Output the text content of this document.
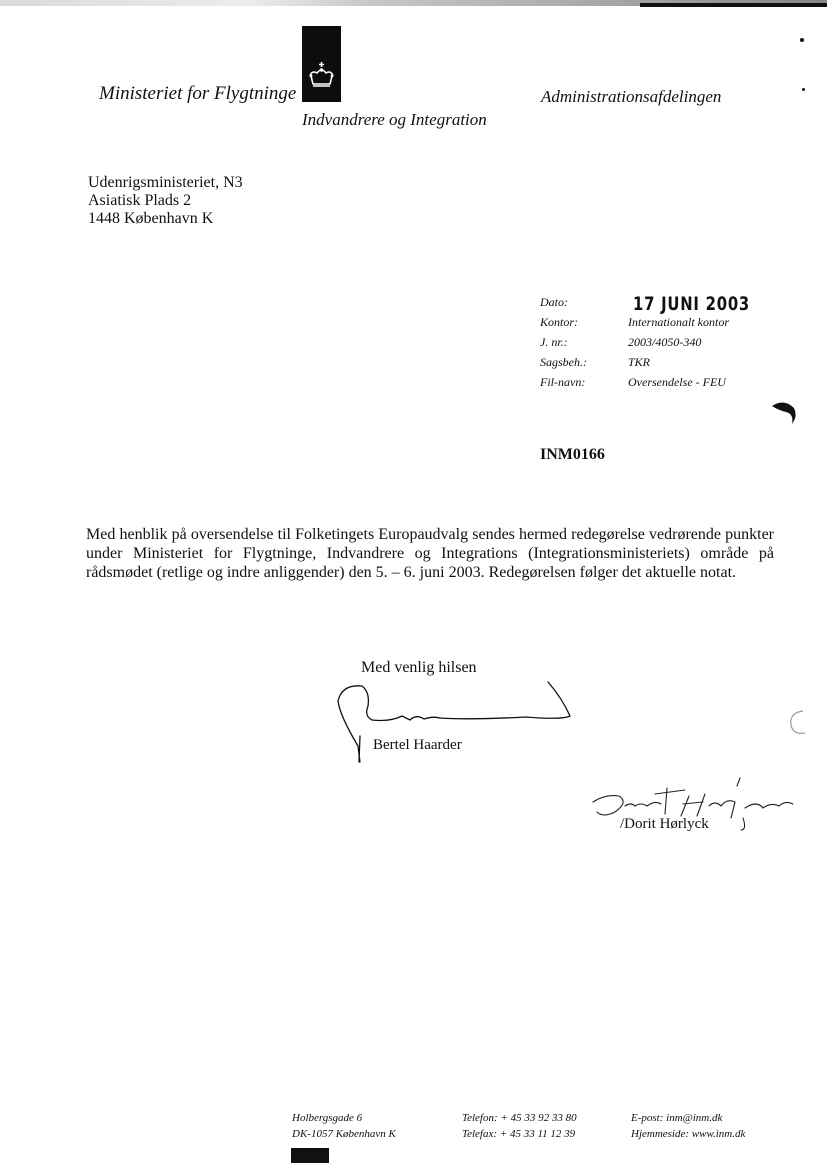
Ministeriet for Flygtninge
Indvandrere og Integration
Administrationsafdelingen
Udenrigsministeriet, N3
Asiatisk Plads 2
1448 København K
Dato:	17 JUNI 2003
Kontor:	Internationalt kontor
J. nr.:	2003/4050-340
Sagsbeh.:	TKR
Fil-navn:	Oversendelse - FEU
INM0166
Med henblik på oversendelse til Folketingets Europaudvalg sendes hermed redegørelse vedrørende punkter under Ministeriet for Flygtninge, Indvandrere og Integrations (Integrationsministeriets) område på rådsmødet (retlige og indre anliggender) den 5. – 6. juni 2003. Redegørelsen følger det aktuelle notat.
Med venlig hilsen
Bertel Haarder
/Dorit Hørlyck
Holbergsgade 6
DK-1057 København K
Telefon: + 45 33 92 33 80
Telefax: + 45 33 11 12 39
E-post: inm@inm.dk
Hjemmeside: www.inm.dk
